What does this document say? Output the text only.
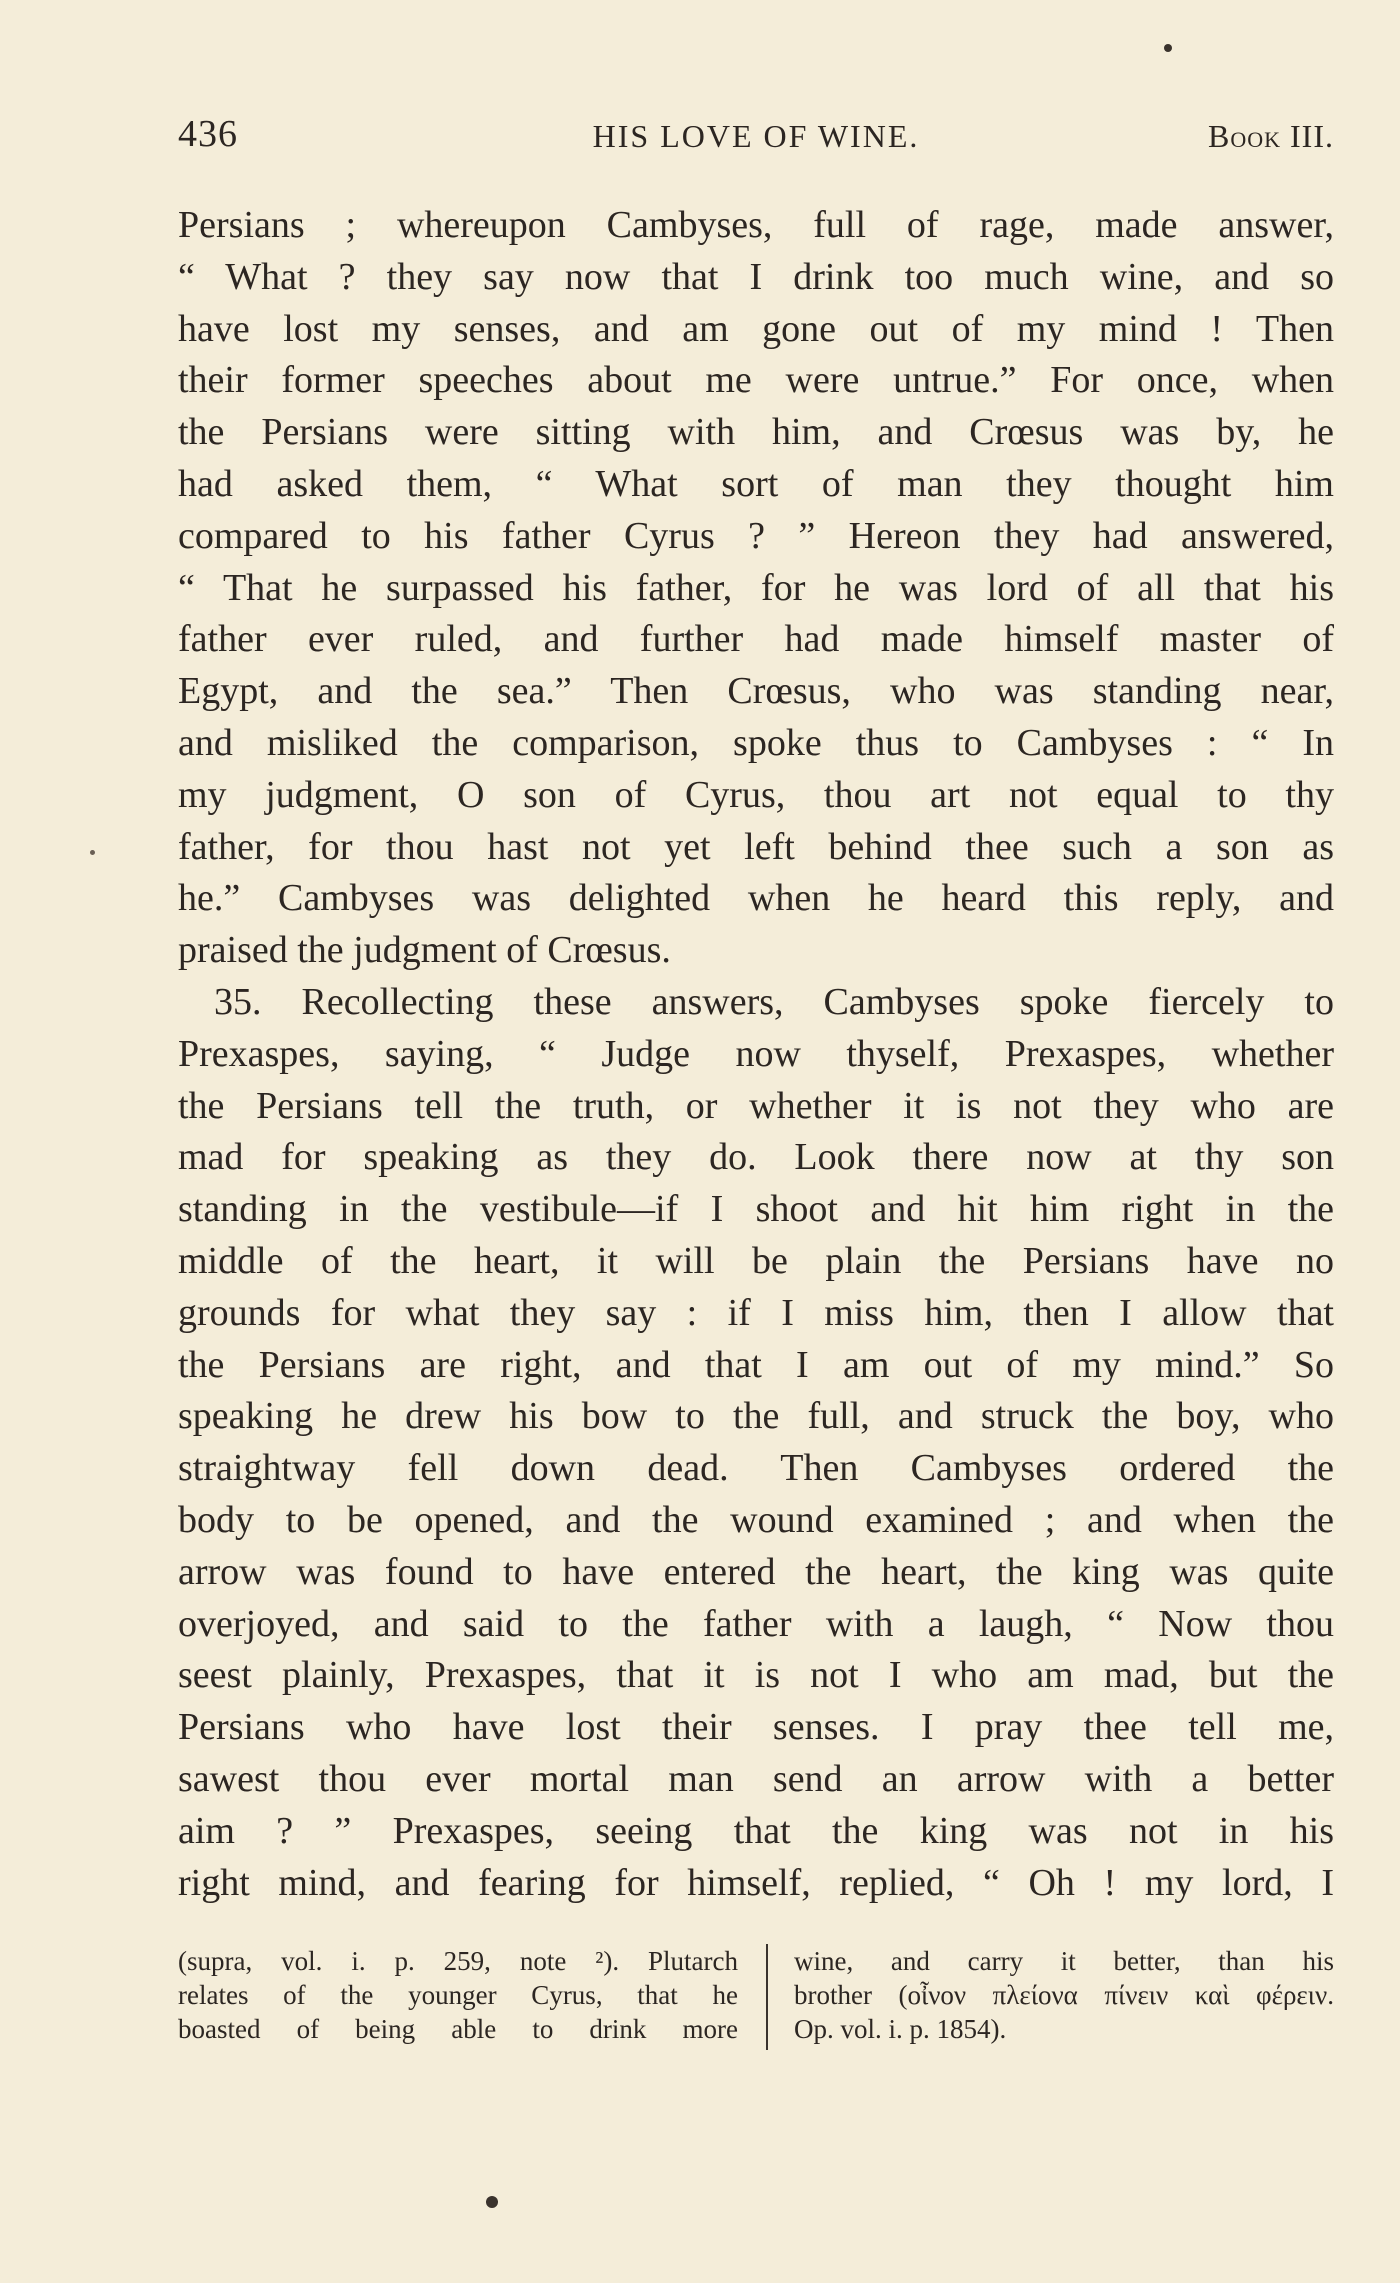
436	HIS LOVE OF WINE.	Book III.
Persians ; whereupon Cambyses, full of rage, made answer,
“ What ? they say now that I drink too much wine, and so
have lost my senses, and am gone out of my mind ! Then
their former speeches about me were untrue.” For once, when
the Persians were sitting with him, and Crœsus was by, he
had asked them, “ What sort of man they thought him
compared to his father Cyrus ? ” Hereon they had answered,
“ That he surpassed his father, for he was lord of all that his
father ever ruled, and further had made himself master of
Egypt, and the sea.” Then Crœsus, who was standing near,
and misliked the comparison, spoke thus to Cambyses : “ In
my judgment, O son of Cyrus, thou art not equal to thy
father, for thou hast not yet left behind thee such a son as
he.” Cambyses was delighted when he heard this reply, and
praised the judgment of Crœsus.
35. Recollecting these answers, Cambyses spoke fiercely to
Prexaspes, saying, “ Judge now thyself, Prexaspes, whether
the Persians tell the truth, or whether it is not they who are
mad for speaking as they do. Look there now at thy son
standing in the vestibule—if I shoot and hit him right in the
middle of the heart, it will be plain the Persians have no
grounds for what they say : if I miss him, then I allow that
the Persians are right, and that I am out of my mind.” So
speaking he drew his bow to the full, and struck the boy, who
straightway fell down dead. Then Cambyses ordered the
body to be opened, and the wound examined ; and when the
arrow was found to have entered the heart, the king was quite
overjoyed, and said to the father with a laugh, “ Now thou
seest plainly, Prexaspes, that it is not I who am mad, but the
Persians who have lost their senses. I pray thee tell me,
sawest thou ever mortal man send an arrow with a better
aim ? ” Prexaspes, seeing that the king was not in his
right mind, and fearing for himself, replied, “ Oh ! my lord, I
(supra, vol. i. p. 259, note ²). Plutarch
relates of the younger Cyrus, that he
boasted of being able to drink more
wine, and carry it better, than his
brother (οἶνον πλείονα πίνειν καὶ φέρειν.
Op. vol. i. p. 1854).
